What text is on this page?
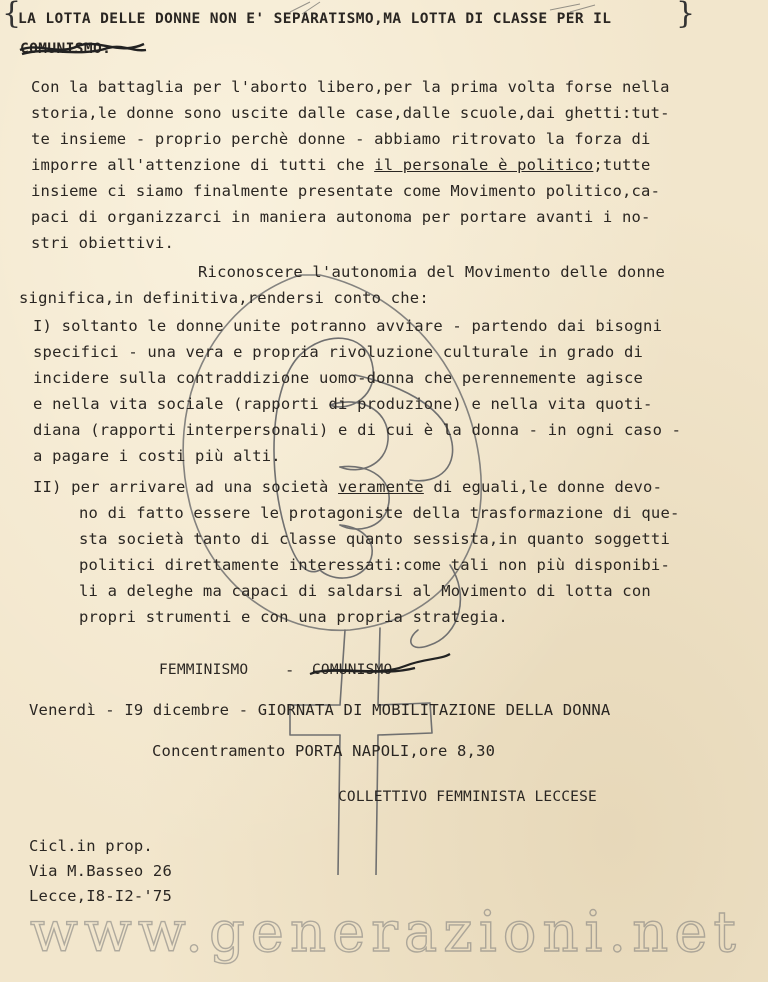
{	}
LA LOTTA DELLE DONNE NON E' SEPARATISMO,MA LOTTA DI CLASSE PER IL
COMUNISMO.
Con la battaglia per l'aborto libero,per la prima volta forse nella
storia,le donne sono uscite dalle case,dalle scuole,dai ghetti:tut-
te insieme - proprio perchè donne - abbiamo ritrovato la forza di
imporre all'attenzione di tutti che il personale è politico;tutte
insieme ci siamo finalmente presentate come Movimento politico,ca-
paci di organizzarci in maniera autonoma per portare avanti i no-
stri obiettivi.
Riconoscere l'autonomia del Movimento delle donne
significa,in definitiva,rendersi conto che:
I) soltanto le donne unite potranno avviare - partendo dai bisogni
specifici - una vera e propria rivoluzione culturale in grado di
incidere sulla contraddizione uomo-donna che perennemente agisce
e nella vita sociale (rapporti di produzione) e nella vita quoti-
diana (rapporti interpersonali) e di cui è la donna - in ogni caso -
a pagare i costi più alti.
II) per arrivare ad una società veramente di eguali,le donne devo-
no di fatto essere le protagoniste della trasformazione di que-
sta società tanto di classe quanto sessista,in quanto soggetti
politici direttamente interessati:come tali non più disponibi-
li a deleghe ma capaci di saldarsi al Movimento di lotta con
propri strumenti e con una propria strategia.
FEMMINISMO - COMUNISMO
Venerdì - I9 dicembre - GIORNATA DI MOBILITAZIONE DELLA DONNA
Concentramento PORTA NAPOLI,ore 8,30
COLLETTIVO FEMMINISTA LECCESE
Cicl.in prop.
Via M.Basseo 26
Lecce,I8-I2-'75
www.generazioni.net
